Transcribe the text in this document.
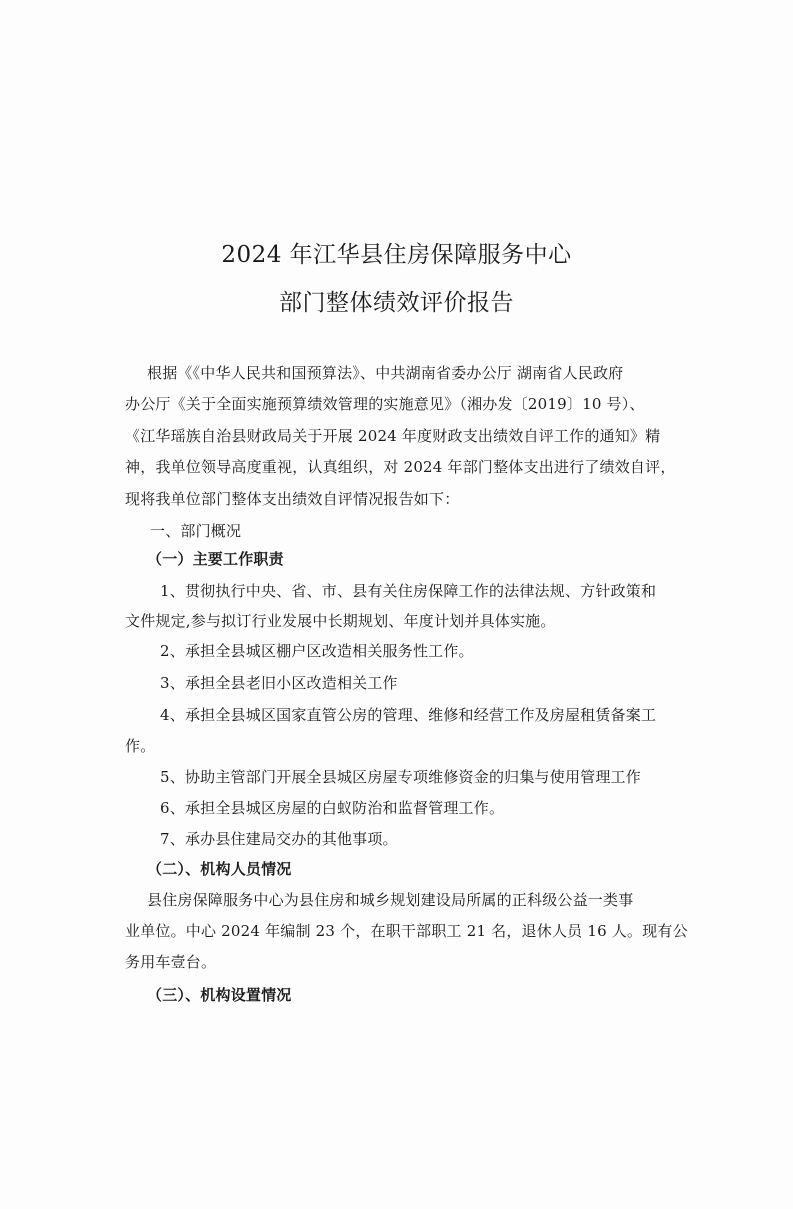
2024 年江华县住房保障服务中心
部门整体绩效评价报告
根据《《中华人民共和国预算法》、中共湖南省委办公厅 湖南省人民政府
办公厅《关于全面实施预算绩效管理的实施意见》（湘办发〔2019〕10 号）、
《江华瑶族自治县财政局关于开展 2024 年度财政支出绩效自评工作的通知》精
神，我单位领导高度重视，认真组织，对 2024 年部门整体支出进行了绩效自评，
现将我单位部门整体支出绩效自评情况报告如下：
一、部门概况
（一）主要工作职责
1、贯彻执行中央、省、市、县有关住房保障工作的法律法规、方针政策和
文件规定,参与拟订行业发展中长期规划、年度计划并具体实施。
2、承担全县城区棚户区改造相关服务性工作。
3、承担全县老旧小区改造相关工作
4、承担全县城区国家直管公房的管理、维修和经营工作及房屋租赁备案工
作。
5、协助主管部门开展全县城区房屋专项维修资金的归集与使用管理工作
6、承担全县城区房屋的白蚁防治和监督管理工作。
7、承办县住建局交办的其他事项。
（二）、机构人员情况
县住房保障服务中心为县住房和城乡规划建设局所属的正科级公益一类事
业单位。中心 2024 年编制 23 个，在职干部职工 21 名，退休人员 16 人。现有公
务用车壹台。
（三）、机构设置情况
